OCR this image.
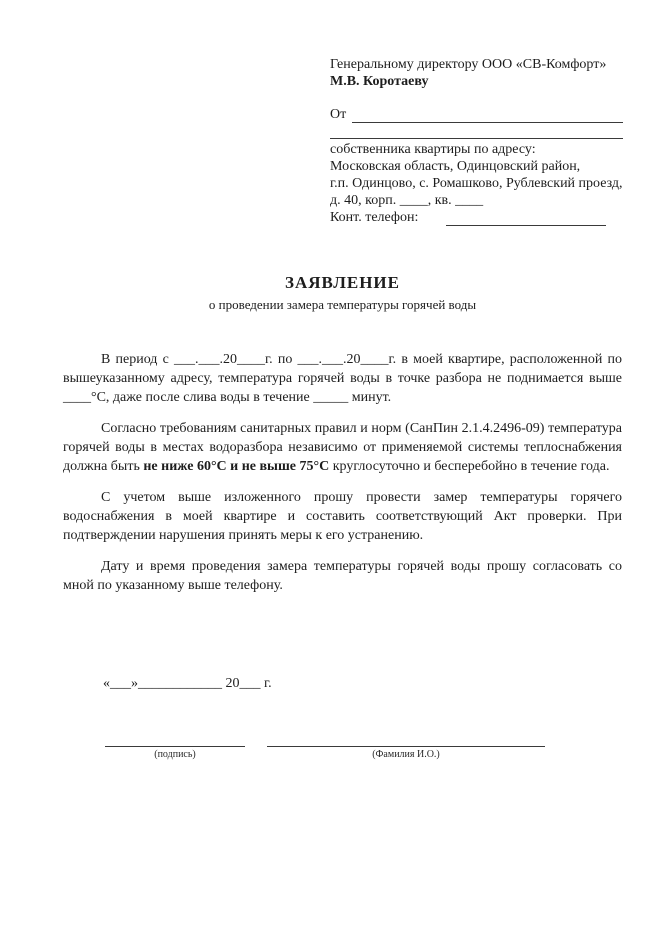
Генеральному директору ООО «СВ-Комфорт»
М.В. Коротаеву
От
собственника квартиры по адресу:
Московская область, Одинцовский район,
г.п. Одинцово, с. Ромашково, Рублевский проезд,
д. 40, корп. ____, кв. ____
Конт. телефон:
ЗАЯВЛЕНИЕ
о проведении замера температуры горячей воды

В период с ___.___.20____г. по ___.___.20____г. в моей квартире, расположенной по вышеуказанному адресу, температура горячей воды в точке разбора не поднимается выше ____°С, даже после слива воды в течение _____ минут.

Согласно требованиям санитарных правил и норм (СанПин 2.1.4.2496-09) температура горячей воды в местах водоразбора независимо от применяемой системы теплоснабжения должна быть не ниже 60°С и не выше 75°С круглосуточно и бесперебойно в течение года.

С учетом выше изложенного прошу провести замер температуры горячего водоснабжения в моей квартире и составить соответствующий Акт проверки. При подтверждении нарушения принять меры к его устранению.

Дату и время проведения замера температуры горячей воды прошу согласовать со мной по указанному выше телефону.

«___»____________ 20___ г.
(подпись)	(Фамилия И.О.)
